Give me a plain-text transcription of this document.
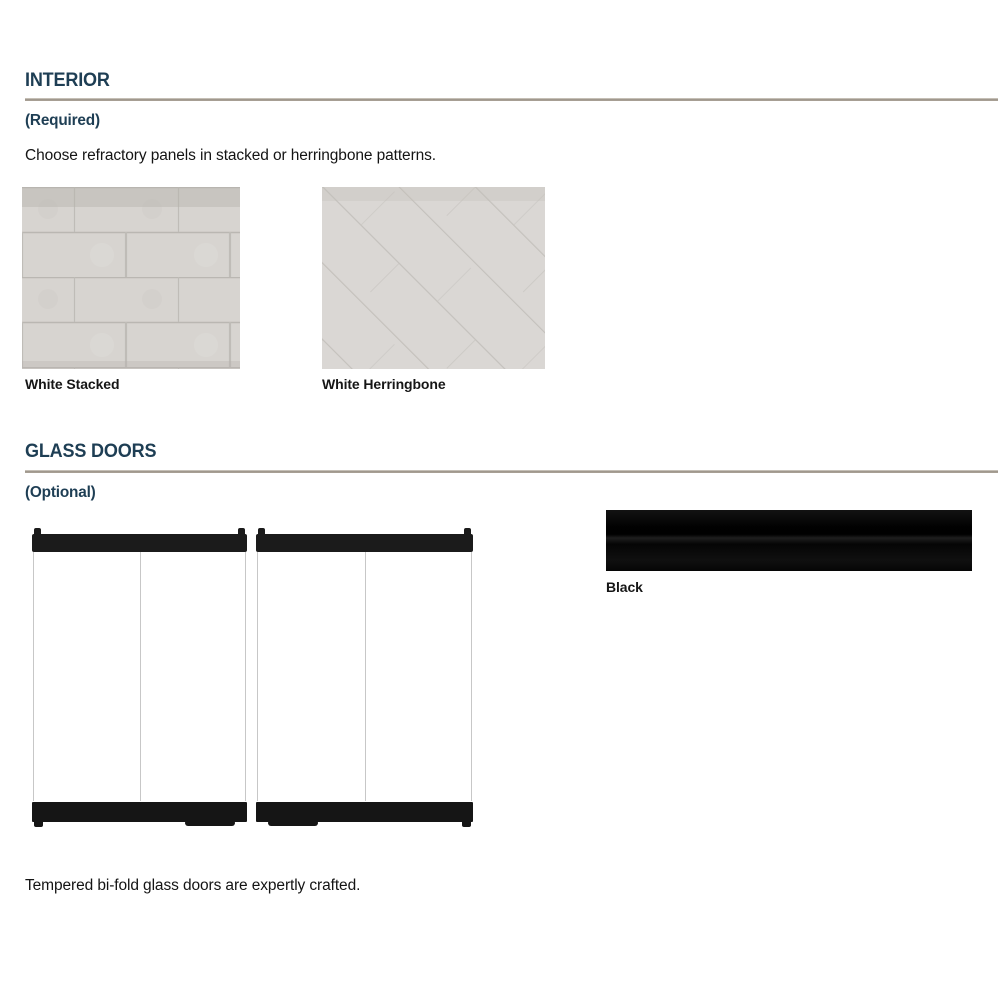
INTERIOR
(Required)
Choose refractory panels in stacked or herringbone patterns.
White Stacked	White Herringbone
GLASS DOORS
(Optional)
Black
Tempered bi-fold glass doors are expertly crafted.
